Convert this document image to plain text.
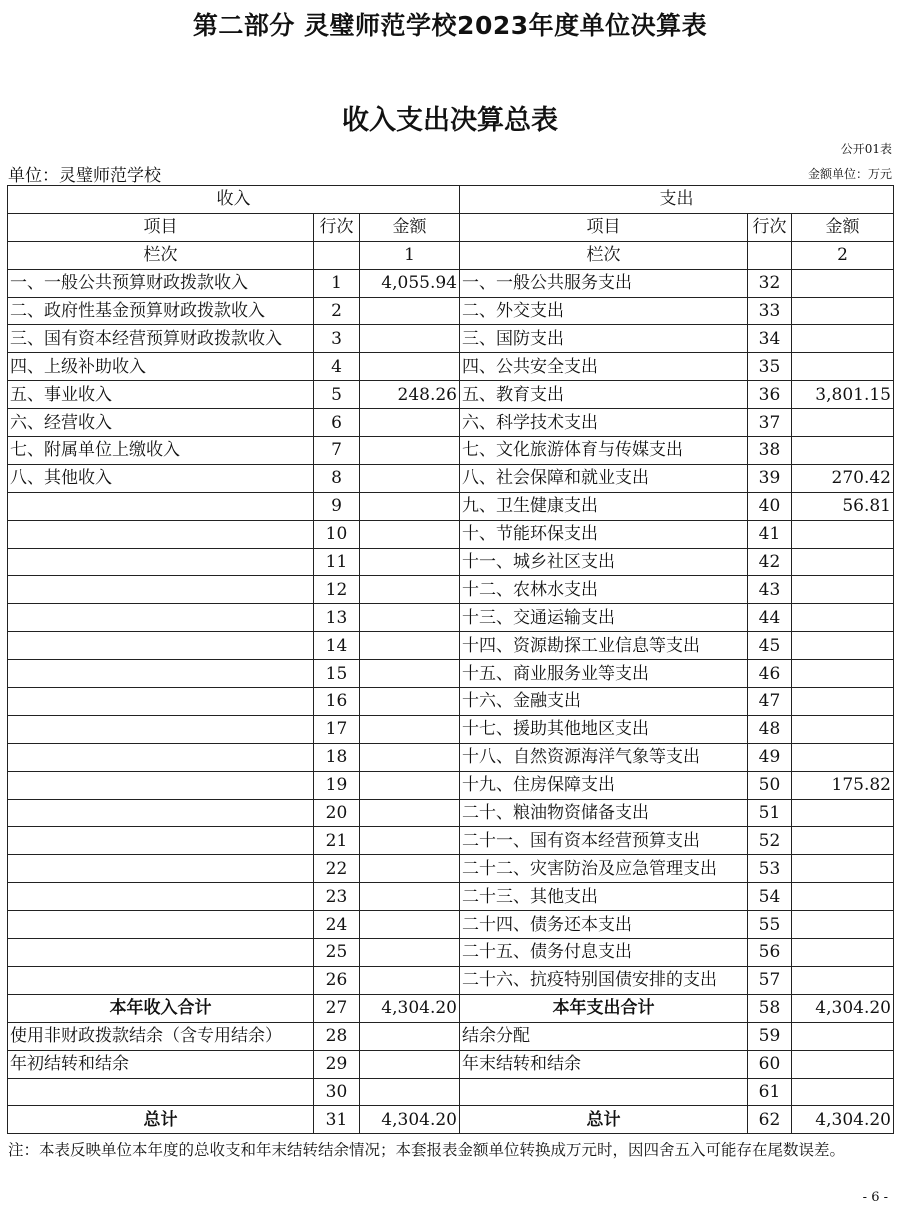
第二部分 灵璧师范学校2023年度单位决算表
收入支出决算总表
公开01表
单位：灵璧师范学校	金额单位：万元
收入			支出		
项目	行次	金额	项目	行次	金额
栏次		1	栏次		2
一、一般公共预算财政拨款收入	1	4,055.94	一、一般公共服务支出	32	
二、政府性基金预算财政拨款收入	2		二、外交支出	33	
三、国有资本经营预算财政拨款收入	3		三、国防支出	34	
四、上级补助收入	4		四、公共安全支出	35	
五、事业收入	5	248.26	五、教育支出	36	3,801.15
六、经营收入	6		六、科学技术支出	37	
七、附属单位上缴收入	7		七、文化旅游体育与传媒支出	38	
八、其他收入	8		八、社会保障和就业支出	39	270.42
	9		九、卫生健康支出	40	56.81
	10		十、节能环保支出	41	
	11		十一、城乡社区支出	42	
	12		十二、农林水支出	43	
	13		十三、交通运输支出	44	
	14		十四、资源勘探工业信息等支出	45	
	15		十五、商业服务业等支出	46	
	16		十六、金融支出	47	
	17		十七、援助其他地区支出	48	
	18		十八、自然资源海洋气象等支出	49	
	19		十九、住房保障支出	50	175.82
	20		二十、粮油物资储备支出	51	
	21		二十一、国有资本经营预算支出	52	
	22		二十二、灾害防治及应急管理支出	53	
	23		二十三、其他支出	54	
	24		二十四、债务还本支出	55	
	25		二十五、债务付息支出	56	
	26		二十六、抗疫特别国债安排的支出	57	
本年收入合计	27	4,304.20	本年支出合计	58	4,304.20
使用非财政拨款结余（含专用结余）	28		结余分配	59	
年初结转和结余	29		年末结转和结余	60	
	30			61	
总计	31	4,304.20	总计	62	4,304.20
注：本表反映单位本年度的总收支和年末结转结余情况；本套报表金额单位转换成万元时，因四舍五入可能存在尾数误差。
- 6 -
